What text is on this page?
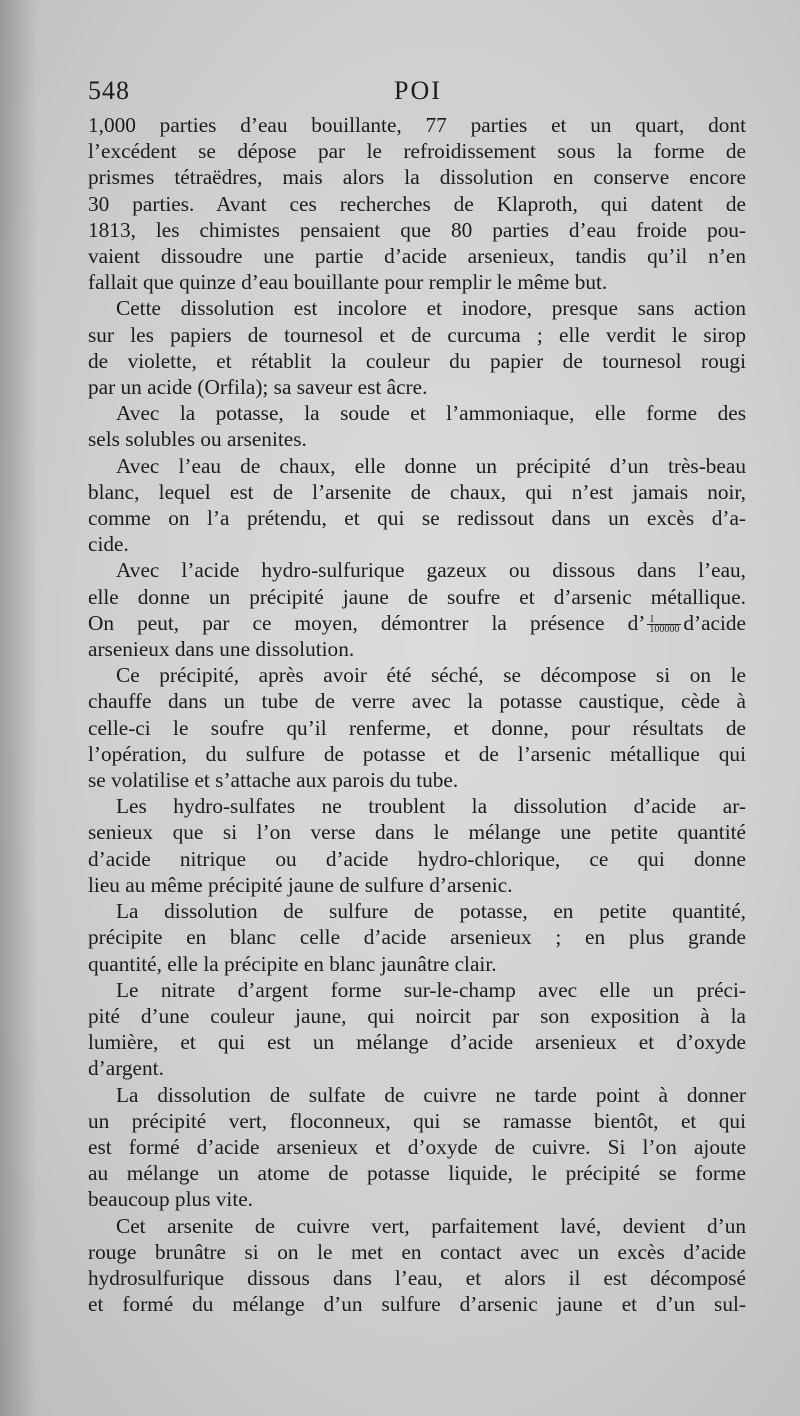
548	POI
1,000 parties d’eau bouillante, 77 parties et un quart, dont
l’excédent se dépose par le refroidissement sous la forme de
prismes tétraëdres, mais alors la dissolution en conserve encore
30 parties. Avant ces recherches de Klaproth, qui datent de
1813, les chimistes pensaient que 80 parties d’eau froide pou-
vaient dissoudre une partie d’acide arsenieux, tandis qu’il n’en
fallait que quinze d’eau bouillante pour remplir le même but.
Cette dissolution est incolore et inodore, presque sans action
sur les papiers de tournesol et de curcuma ; elle verdit le sirop
de violette, et rétablit la couleur du papier de tournesol rougi
par un acide (Orfila); sa saveur est âcre.
Avec la potasse, la soude et l’ammoniaque, elle forme des
sels solubles ou arsenites.
Avec l’eau de chaux, elle donne un précipité d’un très-beau
blanc, lequel est de l’arsenite de chaux, qui n’est jamais noir,
comme on l’a prétendu, et qui se redissout dans un excès d’a-
cide.
Avec l’acide hydro-sulfurique gazeux ou dissous dans l’eau,
elle donne un précipité jaune de soufre et d’arsenic métallique.
On peut, par ce moyen, démontrer la présence d’ $\frac{1}{100000}$ d’acide
arsenieux dans une dissolution.
Ce précipité, après avoir été séché, se décompose si on le
chauffe dans un tube de verre avec la potasse caustique, cède à
celle-ci le soufre qu’il renferme, et donne, pour résultats de
l’opération, du sulfure de potasse et de l’arsenic métallique qui
se volatilise et s’attache aux parois du tube.
Les hydro-sulfates ne troublent la dissolution d’acide ar-
senieux que si l’on verse dans le mélange une petite quantité
d’acide nitrique ou d’acide hydro-chlorique, ce qui donne
lieu au même précipité jaune de sulfure d’arsenic.
La dissolution de sulfure de potasse, en petite quantité,
précipite en blanc celle d’acide arsenieux ; en plus grande
quantité, elle la précipite en blanc jaunâtre clair.
Le nitrate d’argent forme sur-le-champ avec elle un préci-
pité d’une couleur jaune, qui noircit par son exposition à la
lumière, et qui est un mélange d’acide arsenieux et d’oxyde
d’argent.
La dissolution de sulfate de cuivre ne tarde point à donner
un précipité vert, floconneux, qui se ramasse bientôt, et qui
est formé d’acide arsenieux et d’oxyde de cuivre. Si l’on ajoute
au mélange un atome de potasse liquide, le précipité se forme
beaucoup plus vite.
Cet arsenite de cuivre vert, parfaitement lavé, devient d’un
rouge brunâtre si on le met en contact avec un excès d’acide
hydrosulfurique dissous dans l’eau, et alors il est décomposé
et formé du mélange d’un sulfure d’arsenic jaune et d’un sul-
